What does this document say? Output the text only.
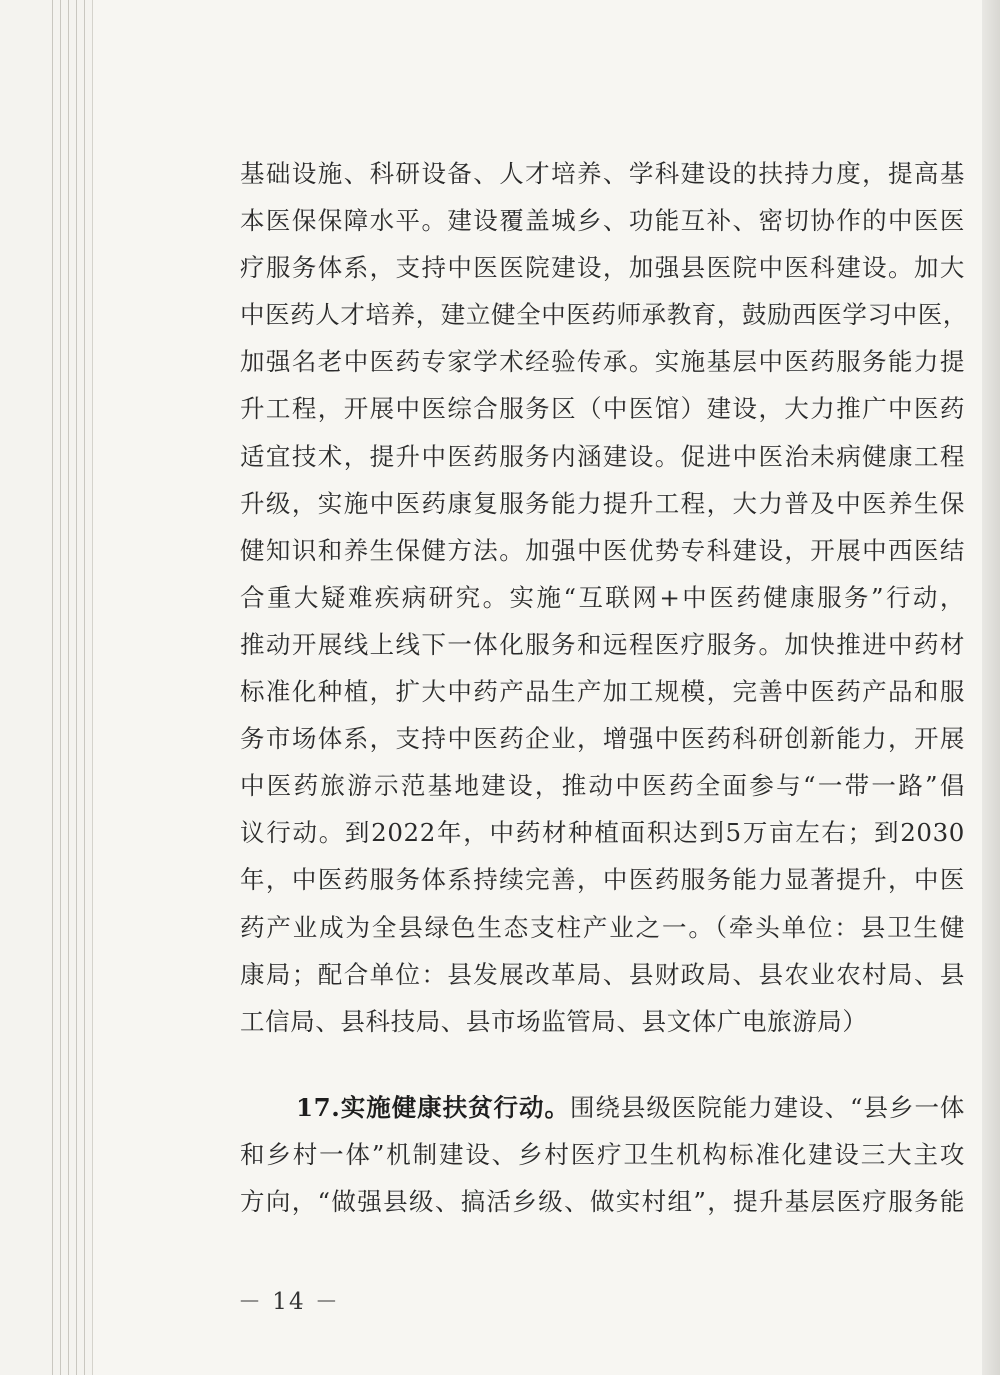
基础设施、科研设备、人才培养、学科建设的扶持力度，提高基
本医保保障水平。建设覆盖城乡、功能互补、密切协作的中医医
疗服务体系，支持中医医院建设，加强县医院中医科建设。加大
中医药人才培养，建立健全中医药师承教育，鼓励西医学习中医，
加强名老中医药专家学术经验传承。实施基层中医药服务能力提
升工程，开展中医综合服务区（中医馆）建设，大力推广中医药
适宜技术，提升中医药服务内涵建设。促进中医治未病健康工程
升级，实施中医药康复服务能力提升工程，大力普及中医养生保
健知识和养生保健方法。加强中医优势专科建设，开展中西医结
合重大疑难疾病研究。实施“互联网+中医药健康服务”行动，
推动开展线上线下一体化服务和远程医疗服务。加快推进中药材
标准化种植，扩大中药产品生产加工规模，完善中医药产品和服
务市场体系，支持中医药企业，增强中医药科研创新能力，开展
中医药旅游示范基地建设，推动中医药全面参与“一带一路”倡
议行动。到2022年，中药材种植面积达到5万亩左右；到2030
年，中医药服务体系持续完善，中医药服务能力显著提升，中医
药产业成为全县绿色生态支柱产业之一。（牵头单位：县卫生健
康局；配合单位：县发展改革局、县财政局、县农业农村局、县
工信局、县科技局、县市场监管局、县文体广电旅游局）
17.实施健康扶贫行动。围绕县级医院能力建设、“县乡一体
和乡村一体”机制建设、乡村医疗卫生机构标准化建设三大主攻
方向，“做强县级、搞活乡级、做实村组”，提升基层医疗服务能
－ 14 －
